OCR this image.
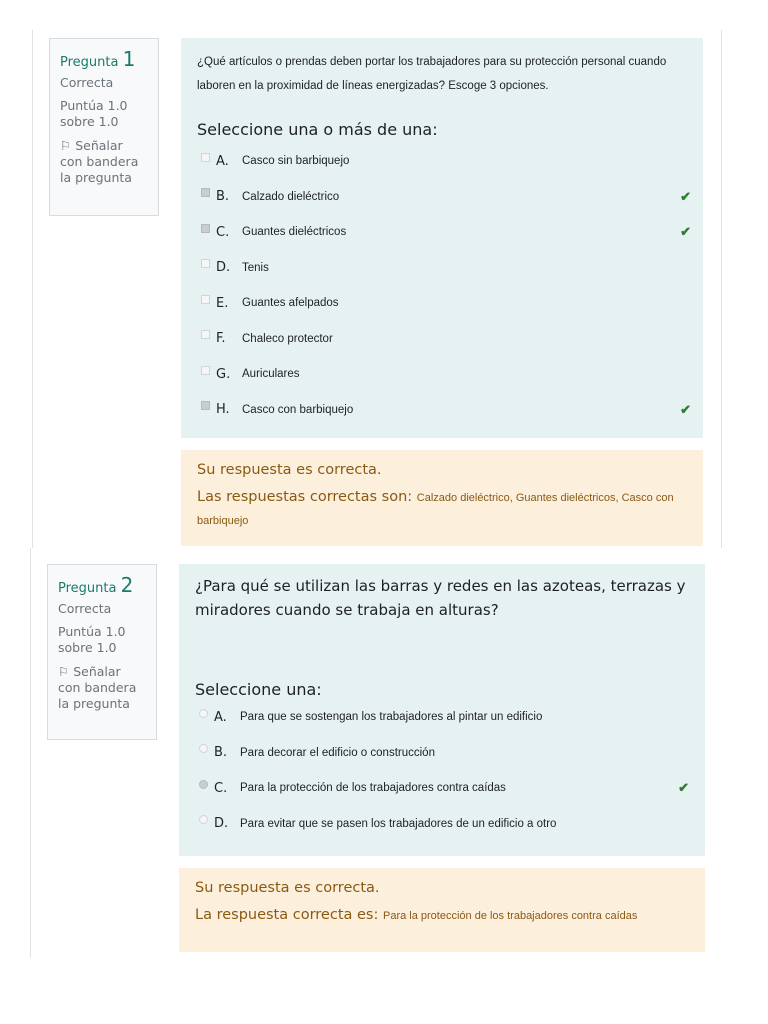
Pregunta 1
Correcta
Puntúa 1.0 sobre 1.0
⚐ Señalar con bandera la pregunta
¿Qué artículos o prendas deben portar los trabajadores para su protección personal cuando laboren en la proximidad de líneas energizadas? Escoge 3 opciones.
Seleccione una o más de una:
A.	Casco sin barbiquejo
B.	Calzado dieléctrico	✔
C.	Guantes dieléctricos	✔
D.	Tenis
E.	Guantes afelpados
F.	Chaleco protector
G.	Auriculares
H.	Casco con barbiquejo	✔
Su respuesta es correcta.
Las respuestas correctas son: Calzado dieléctrico, Guantes dieléctricos, Casco con barbiquejo
Pregunta 2
Correcta
Puntúa 1.0 sobre 1.0
⚐ Señalar con bandera la pregunta
¿Para qué se utilizan las barras y redes en las azoteas, terrazas y miradores cuando se trabaja en alturas?
Seleccione una:
A.	Para que se sostengan los trabajadores al pintar un edificio
B.	Para decorar el edificio o construcción
C.	Para la protección de los trabajadores contra caídas	✔
D.	Para evitar que se pasen los trabajadores de un edificio a otro
Su respuesta es correcta.
La respuesta correcta es: Para la protección de los trabajadores contra caídas
